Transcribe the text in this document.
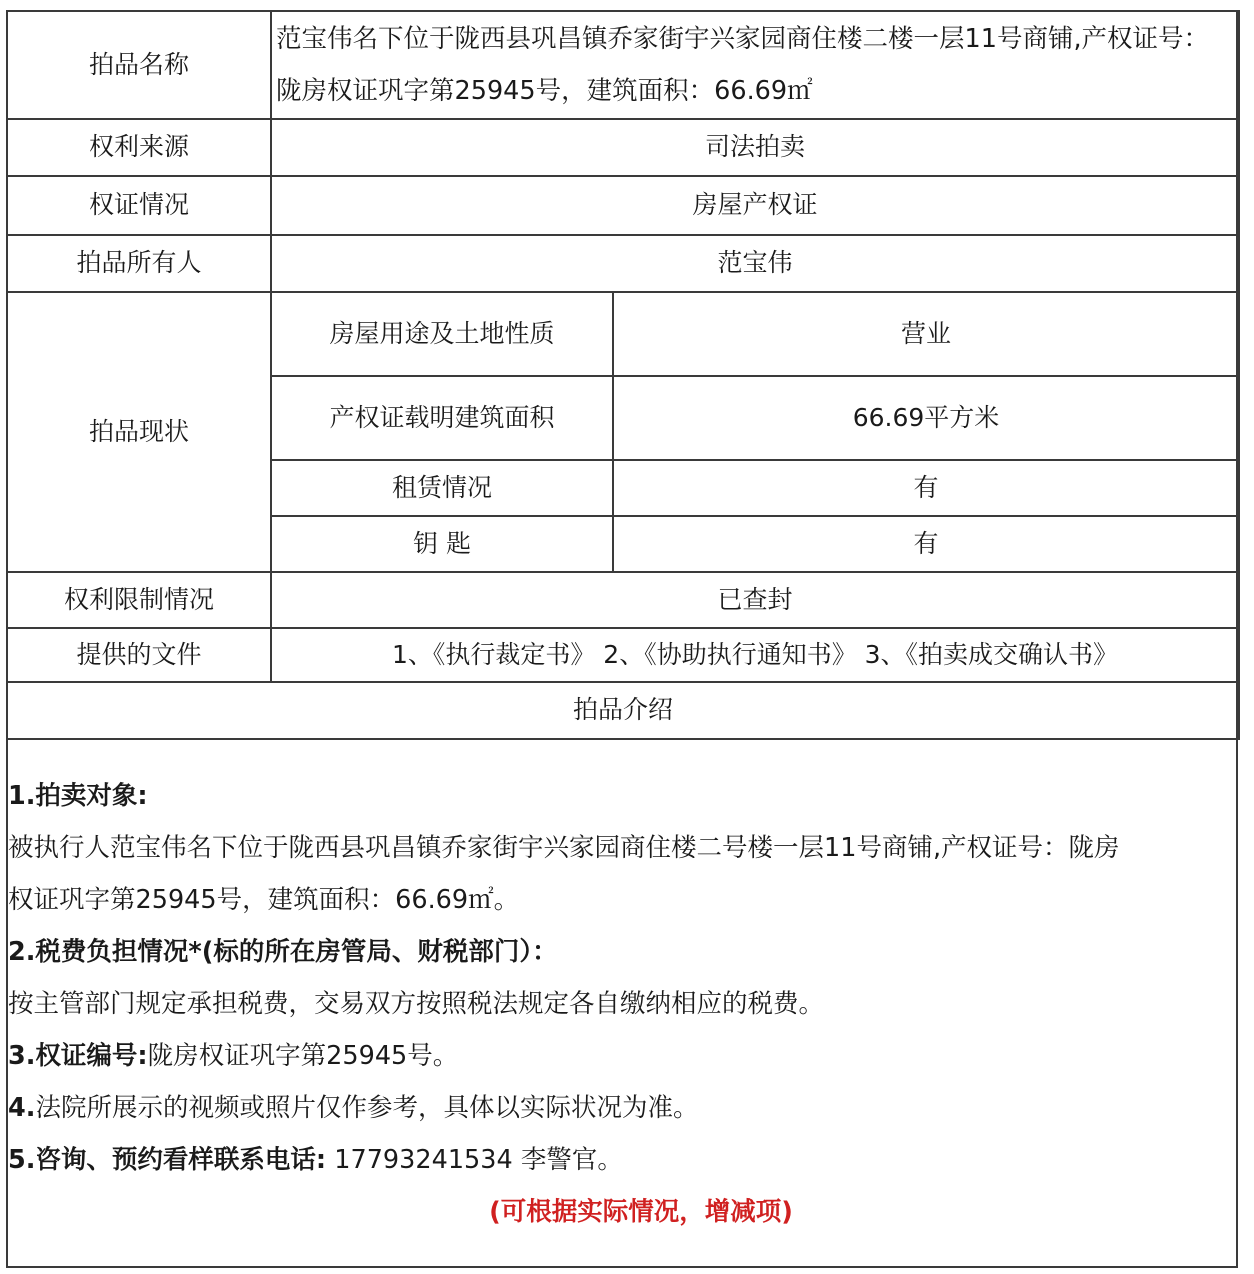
拍品名称	范宝伟名下位于陇西县巩昌镇乔家街宇兴家园商住楼二楼一层11号商铺,产权证号：陇房权证巩字第25945号，建筑面积：66.69㎡	
权利来源	司法拍卖	
权证情况	房屋产权证	
拍品所有人	范宝伟	
拍品现状	房屋用途及土地性质	营业
	产权证载明建筑面积	66.69平方米
	租赁情况	有
	钥 匙	有
权利限制情况	已查封	
提供的文件	1、《执行裁定书》 2、《协助执行通知书》 3、《拍卖成交确认书》	
拍品介绍		

1.拍卖对象:

被执行人范宝伟名下位于陇西县巩昌镇乔家街宇兴家园商住楼二号楼一层11号商铺,产权证号：陇房

权证巩字第25945号，建筑面积：66.69㎡。

2.税费负担情况*(标的所在房管局、财税部门）：

按主管部门规定承担税费，交易双方按照税法规定各自缴纳相应的税费。

3.权证编号:陇房权证巩字第25945号。

4.法院所展示的视频或照片仅作参考，具体以实际状况为准。

5.咨询、预约看样联系电话: 17793241534 李警官。

(可根据实际情况，增减项)
